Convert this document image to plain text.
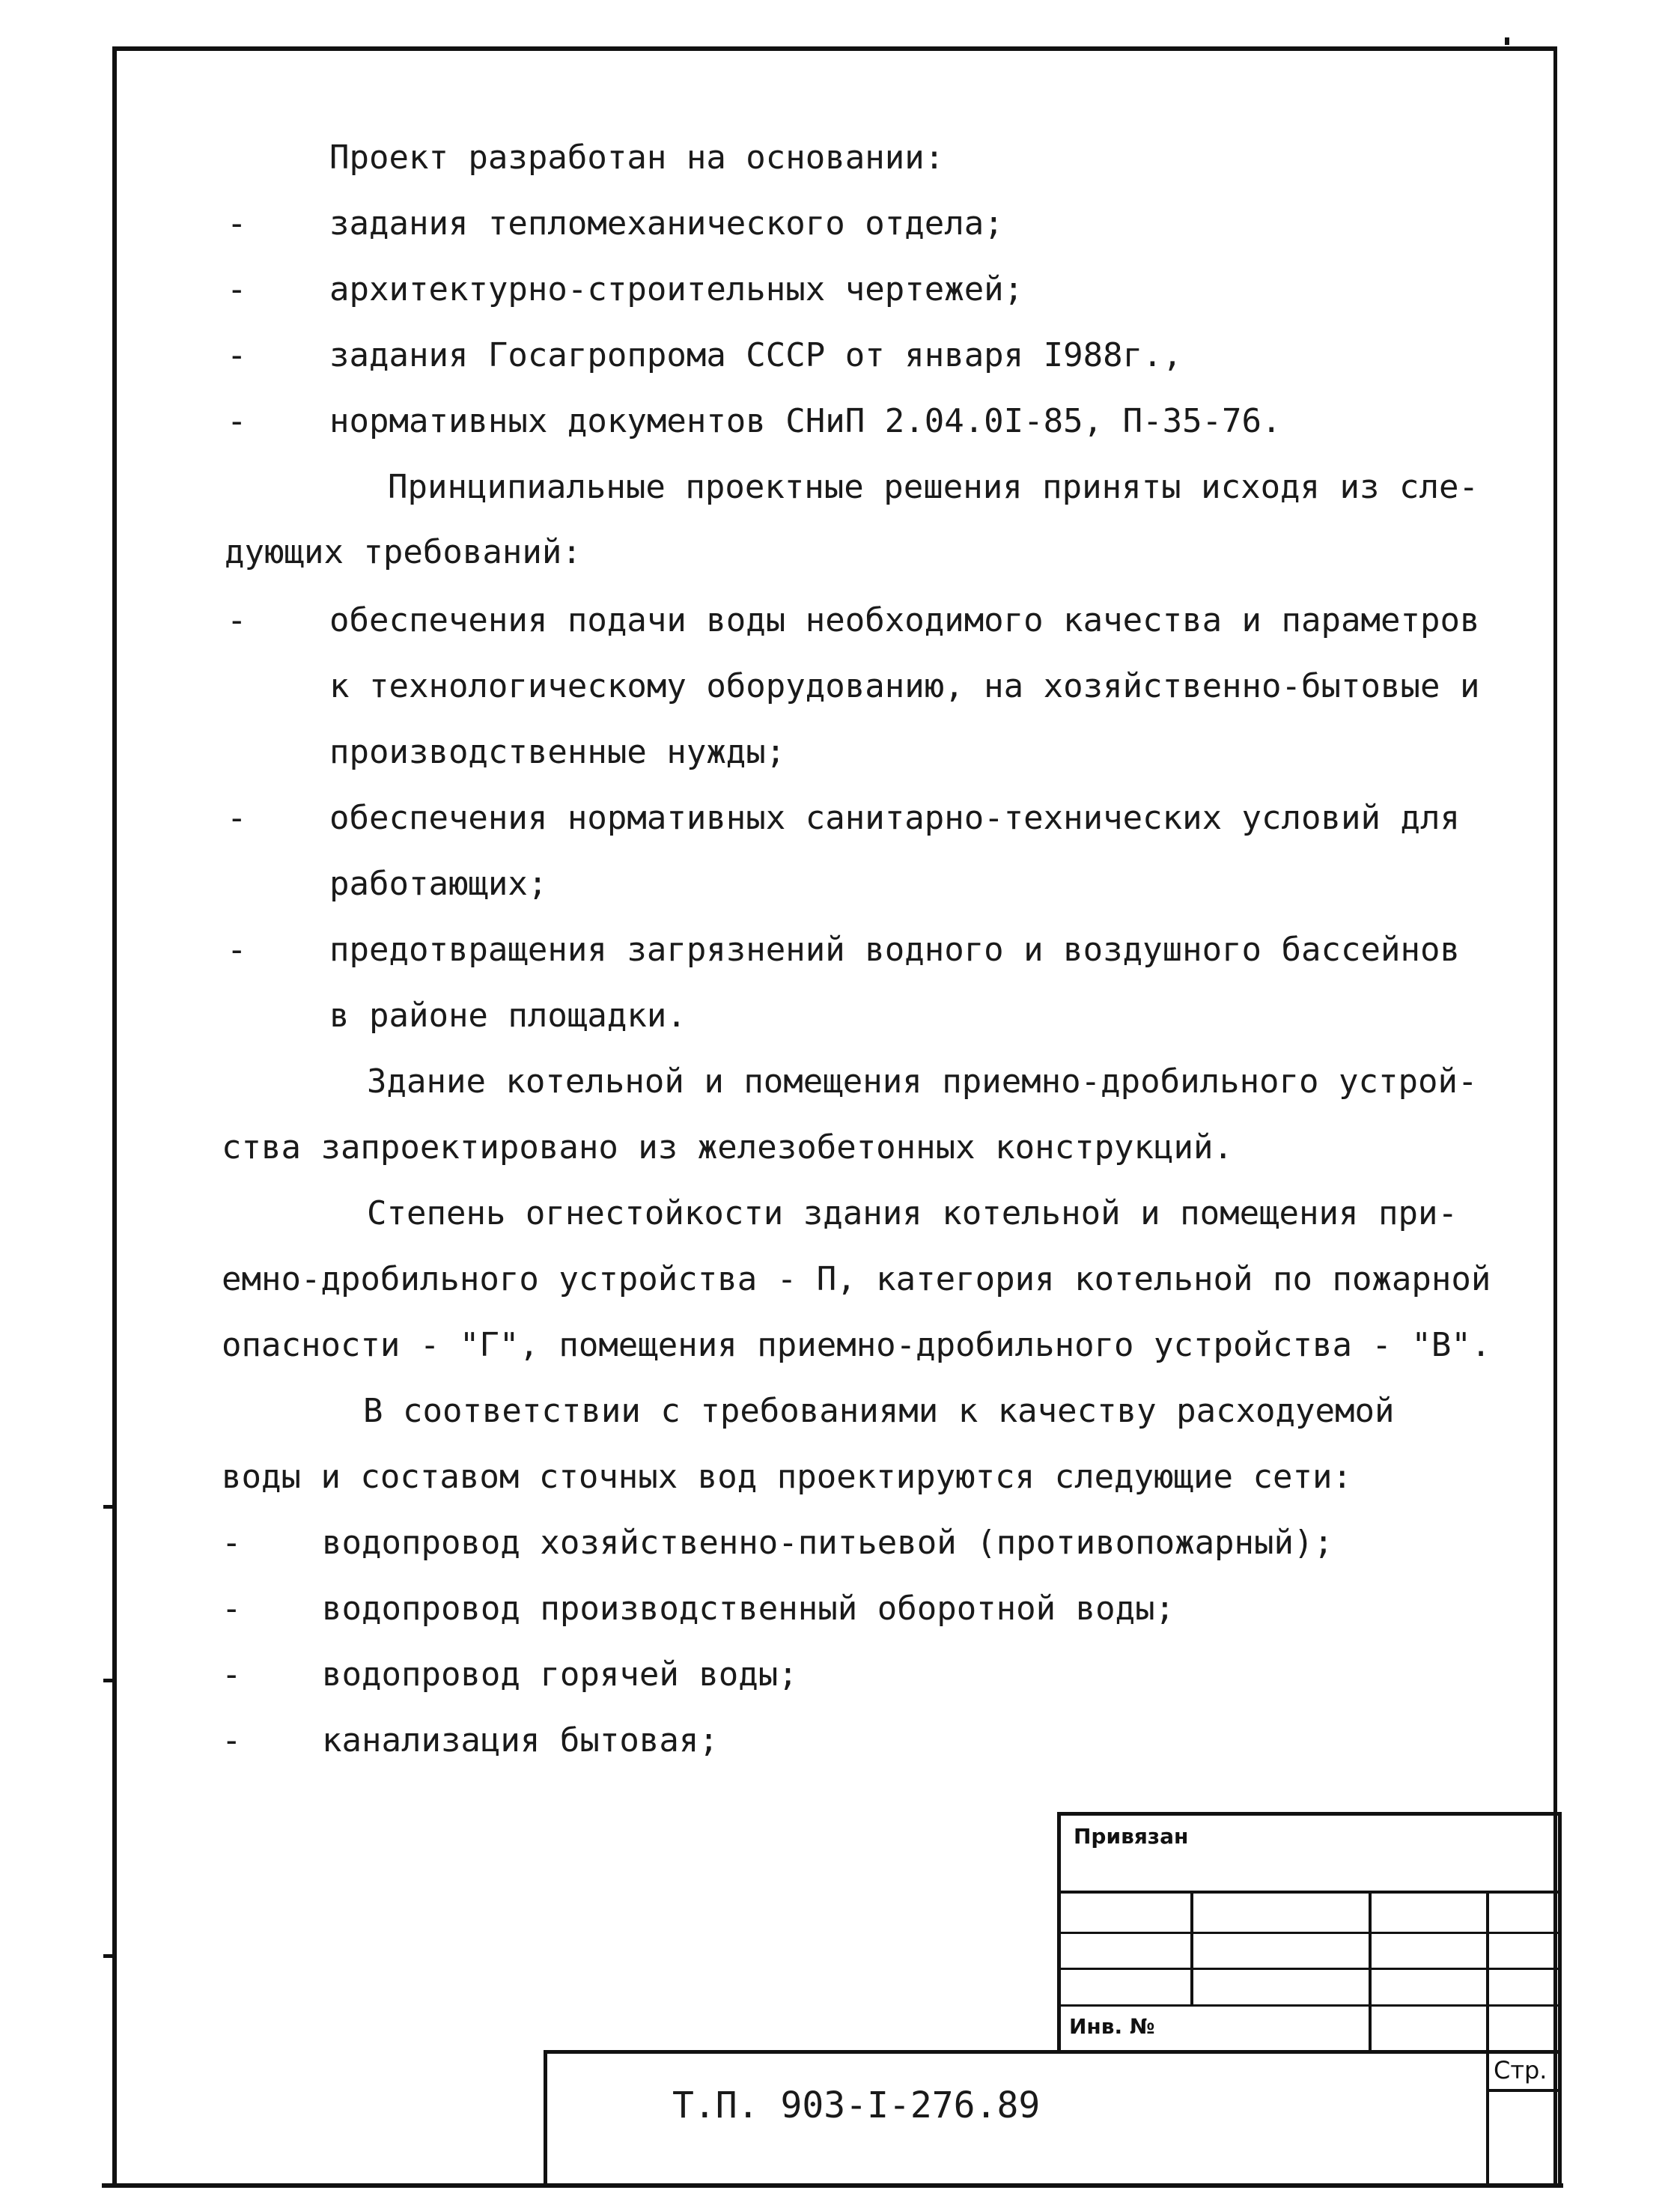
Проект разработан на основании:
-	задания тепломеханического отдела;
-	архитектурно-строительных чертежей;
-	задания Госагропрома СССР от января I988г.,
-	нормативных документов СНиП 2.04.0I-85, П-35-76.
Принципиальные проектные решения приняты исходя из сле-
дующих требований:
-	обеспечения подачи воды необходимого качества и параметров
к технологическому оборудованию, на хозяйственно-бытовые и
производственные нужды;
-	обеспечения нормативных санитарно-технических условий для
работающих;
-	предотвращения загрязнений водного и воздушного бассейнов
в районе площадки.
Здание котельной и помещения приемно-дробильного устрой-
ства запроектировано из железобетонных конструкций.
Степень огнестойкости здания котельной и помещения при-
емно-дробильного устройства - П, категория котельной по пожарной
опасности - "Г", помещения приемно-дробильного устройства - "В".
В соответствии с требованиями к качеству расходуемой
воды и составом сточных вод проектируются следующие сети:
- водопровод хозяйственно-питьевой (противопожарный);
- водопровод производственный оборотной воды;
- водопровод горячей воды;
- канализация бытовая;
Привязан
Инв. №
Стр.
Т.П. 903-I-276.89
